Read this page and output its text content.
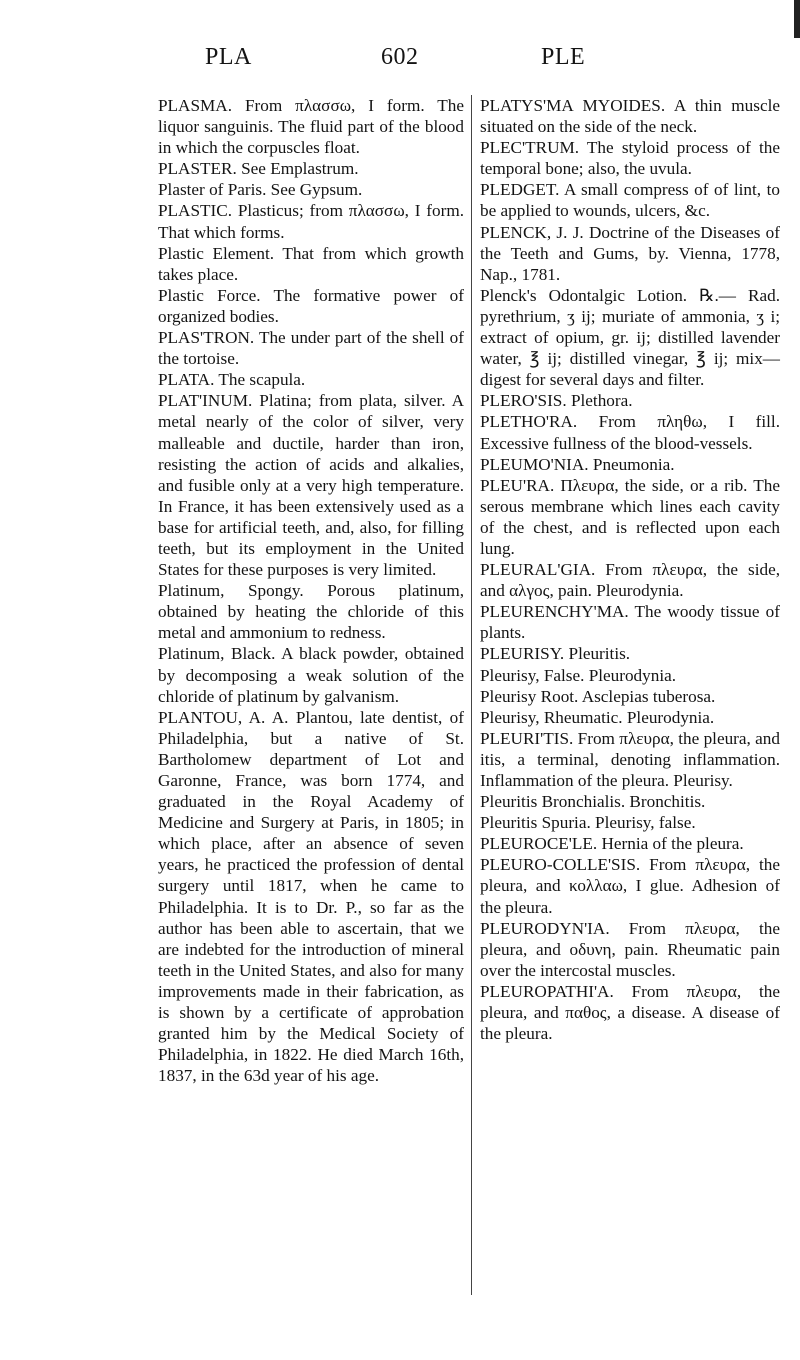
PLA	602	PLE

PLASMA. From πλασσω, I form. The liquor sanguinis. The fluid part of the blood in which the corpuscles float.

PLASTER. See Emplastrum.

Plaster of Paris. See Gypsum.

PLASTIC. Plasticus; from πλασσω, I form. That which forms.

Plastic Element. That from which growth takes place.

Plastic Force. The formative power of organized bodies.

PLAS'TRON. The under part of the shell of the tortoise.

PLATA. The scapula.

PLAT'INUM. Platina; from plata, silver. A metal nearly of the color of silver, very malleable and ductile, harder than iron, resisting the action of acids and alkalies, and fusible only at a very high temperature. In France, it has been extensively used as a base for artificial teeth, and, also, for filling teeth, but its employment in the United States for these purposes is very limited.

Platinum, Spongy. Porous platinum, obtained by heating the chloride of this metal and ammonium to redness.

Platinum, Black. A black powder, obtained by decomposing a weak solution of the chloride of platinum by galvanism.

PLANTOU, A. A. Plantou, late dentist, of Philadelphia, but a native of St. Bartholomew department of Lot and Garonne, France, was born 1774, and graduated in the Royal Academy of Medicine and Surgery at Paris, in 1805; in which place, after an absence of seven years, he practiced the profession of dental surgery until 1817, when he came to Philadelphia. It is to Dr. P., so far as the author has been able to ascertain, that we are indebted for the introduction of mineral teeth in the United States, and also for many improvements made in their fabrication, as is shown by a certificate of approbation granted him by the Medical Society of Philadelphia, in 1822. He died March 16th, 1837, in the 63d year of his age.

PLATYS'MA MYOIDES. A thin muscle situated on the side of the neck.

PLEC'TRUM. The styloid process of the temporal bone; also, the uvula.

PLEDGET. A small compress of of lint, to be applied to wounds, ulcers, &c.

PLENCK, J. J. Doctrine of the Diseases of the Teeth and Gums, by. Vienna, 1778, Nap., 1781.

Plenck's Odontalgic Lotion. ℞.— Rad. pyrethrium, ʒ ij; muriate of ammonia, ʒ i; extract of opium, gr. ij; distilled lavender water, ℥ ij; distilled vinegar, ℥ ij; mix—digest for several days and filter.

PLERO'SIS. Plethora.

PLETHO'RA. From πληθω, I fill. Excessive fullness of the blood-vessels.

PLEUMO'NIA. Pneumonia.

PLEU'RA. Πλευρα, the side, or a rib. The serous membrane which lines each cavity of the chest, and is reflected upon each lung.

PLEURAL'GIA. From πλευρα, the side, and αλγος, pain. Pleurodynia.

PLEURENCHY'MA. The woody tissue of plants.

PLEURISY. Pleuritis.

Pleurisy, False. Pleurodynia.

Pleurisy Root. Asclepias tuberosa.

Pleurisy, Rheumatic. Pleurodynia.

PLEURI'TIS. From πλευρα, the pleura, and itis, a terminal, denoting inflammation. Inflammation of the pleura. Pleurisy.

Pleuritis Bronchialis. Bronchitis.

Pleuritis Spuria. Pleurisy, false.

PLEUROCE'LE. Hernia of the pleura.

PLEURO-COLLE'SIS. From πλευρα, the pleura, and κολλαω, I glue. Adhesion of the pleura.

PLEURODYN'IA. From πλευρα, the pleura, and οδυνη, pain. Rheumatic pain over the intercostal muscles.

PLEUROPATHI'A. From πλευρα, the pleura, and παθος, a disease. A disease of the pleura.
